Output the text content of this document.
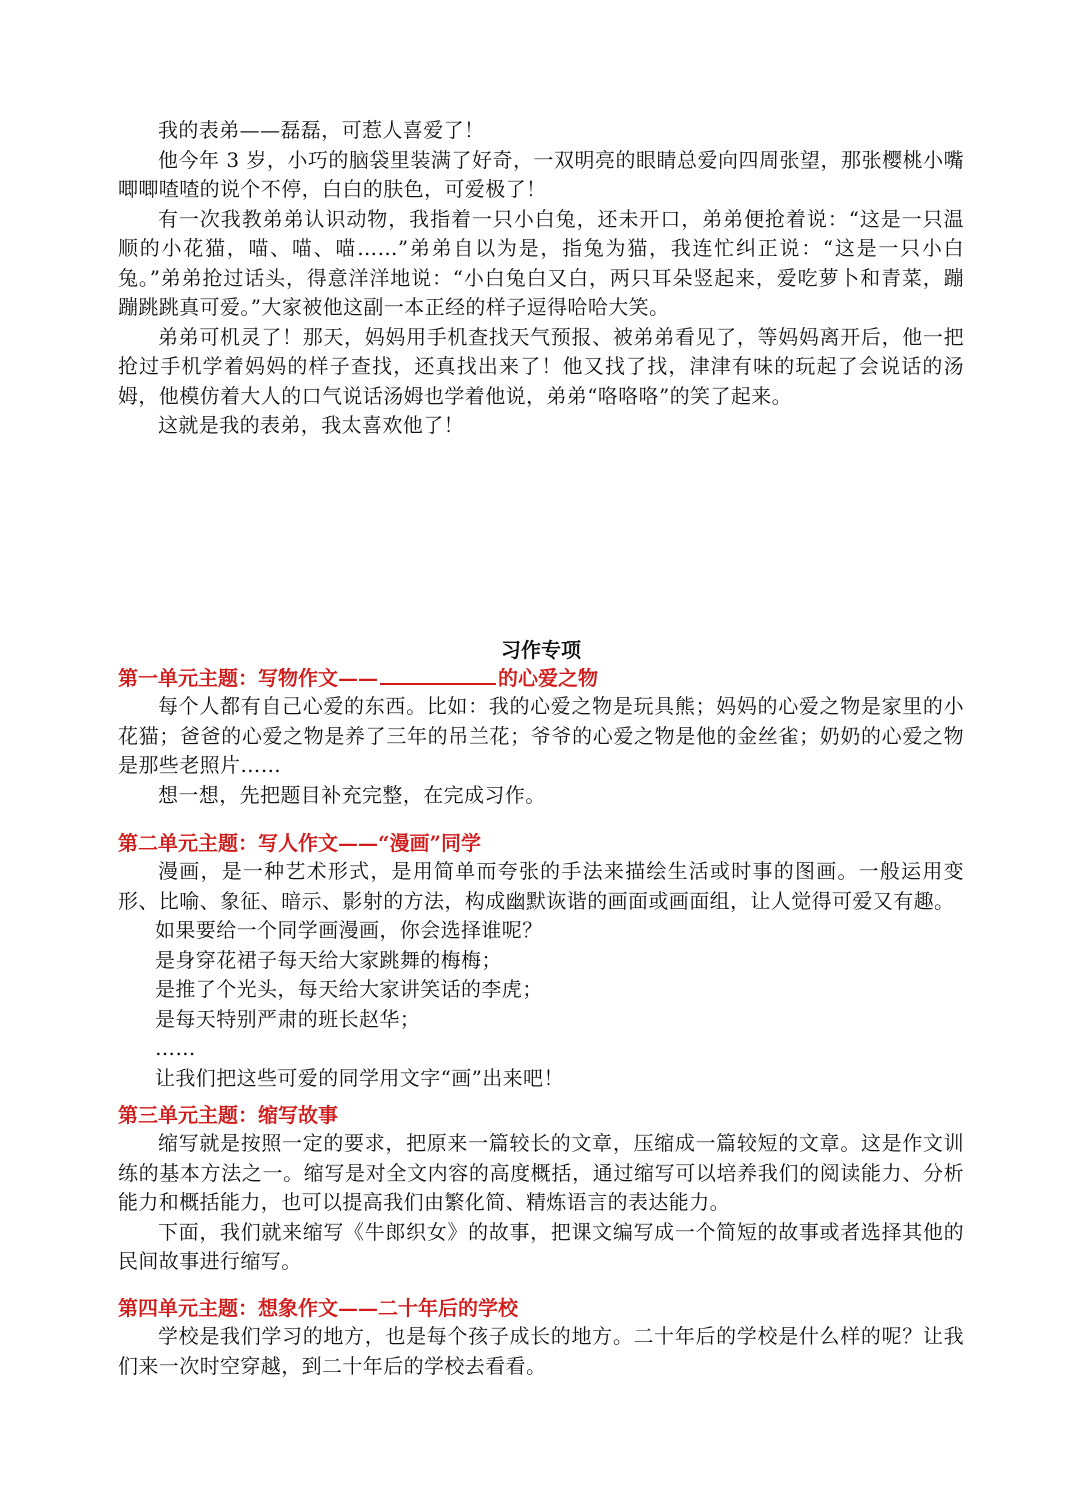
我的表弟——磊磊，可惹人喜爱了！

他今年 3 岁，小巧的脑袋里装满了好奇，一双明亮的眼睛总爱向四周张望，那张樱桃小嘴唧唧喳喳的说个不停，白白的肤色，可爱极了！

有一次我教弟弟认识动物，我指着一只小白兔，还未开口，弟弟便抢着说：“这是一只温顺的小花猫，喵、喵、喵……”弟弟自以为是，指兔为猫，我连忙纠正说：“这是一只小白兔。”弟弟抢过话头，得意洋洋地说：“小白兔白又白，两只耳朵竖起来，爱吃萝卜和青菜，蹦蹦跳跳真可爱。”大家被他这副一本正经的样子逗得哈哈大笑。

弟弟可机灵了！那天，妈妈用手机查找天气预报、被弟弟看见了，等妈妈离开后，他一把抢过手机学着妈妈的样子查找，还真找出来了！他又找了找，津津有味的玩起了会说话的汤姆，他模仿着大人的口气说话汤姆也学着他说，弟弟“咯咯咯”的笑了起来。

这就是我的表弟，我太喜欢他了！

习作专项
第一单元主题：写物作文——	的心爱之物

每个人都有自己心爱的东西。比如：我的心爱之物是玩具熊；妈妈的心爱之物是家里的小花猫；爸爸的心爱之物是养了三年的吊兰花；爷爷的心爱之物是他的金丝雀；奶奶的心爱之物是那些老照片……

想一想，先把题目补充完整，在完成习作。

第二单元主题：写人作文——“漫画”同学

漫画，是一种艺术形式，是用简单而夸张的手法来描绘生活或时事的图画。一般运用变形、比喻、象征、暗示、影射的方法，构成幽默诙谐的画面或画面组，让人觉得可爱又有趣。

如果要给一个同学画漫画，你会选择谁呢？

是身穿花裙子每天给大家跳舞的梅梅；

是推了个光头，每天给大家讲笑话的李虎；

是每天特别严肃的班长赵华；

……

让我们把这些可爱的同学用文字“画”出来吧！

第三单元主题：缩写故事

缩写就是按照一定的要求，把原来一篇较长的文章，压缩成一篇较短的文章。这是作文训练的基本方法之一。缩写是对全文内容的高度概括，通过缩写可以培养我们的阅读能力、分析能力和概括能力，也可以提高我们由繁化简、精炼语言的表达能力。

下面，我们就来缩写《牛郎织女》的故事，把课文编写成一个简短的故事或者选择其他的民间故事进行缩写。

第四单元主题：想象作文——二十年后的学校

学校是我们学习的地方，也是每个孩子成长的地方。二十年后的学校是什么样的呢？让我们来一次时空穿越，到二十年后的学校去看看。
